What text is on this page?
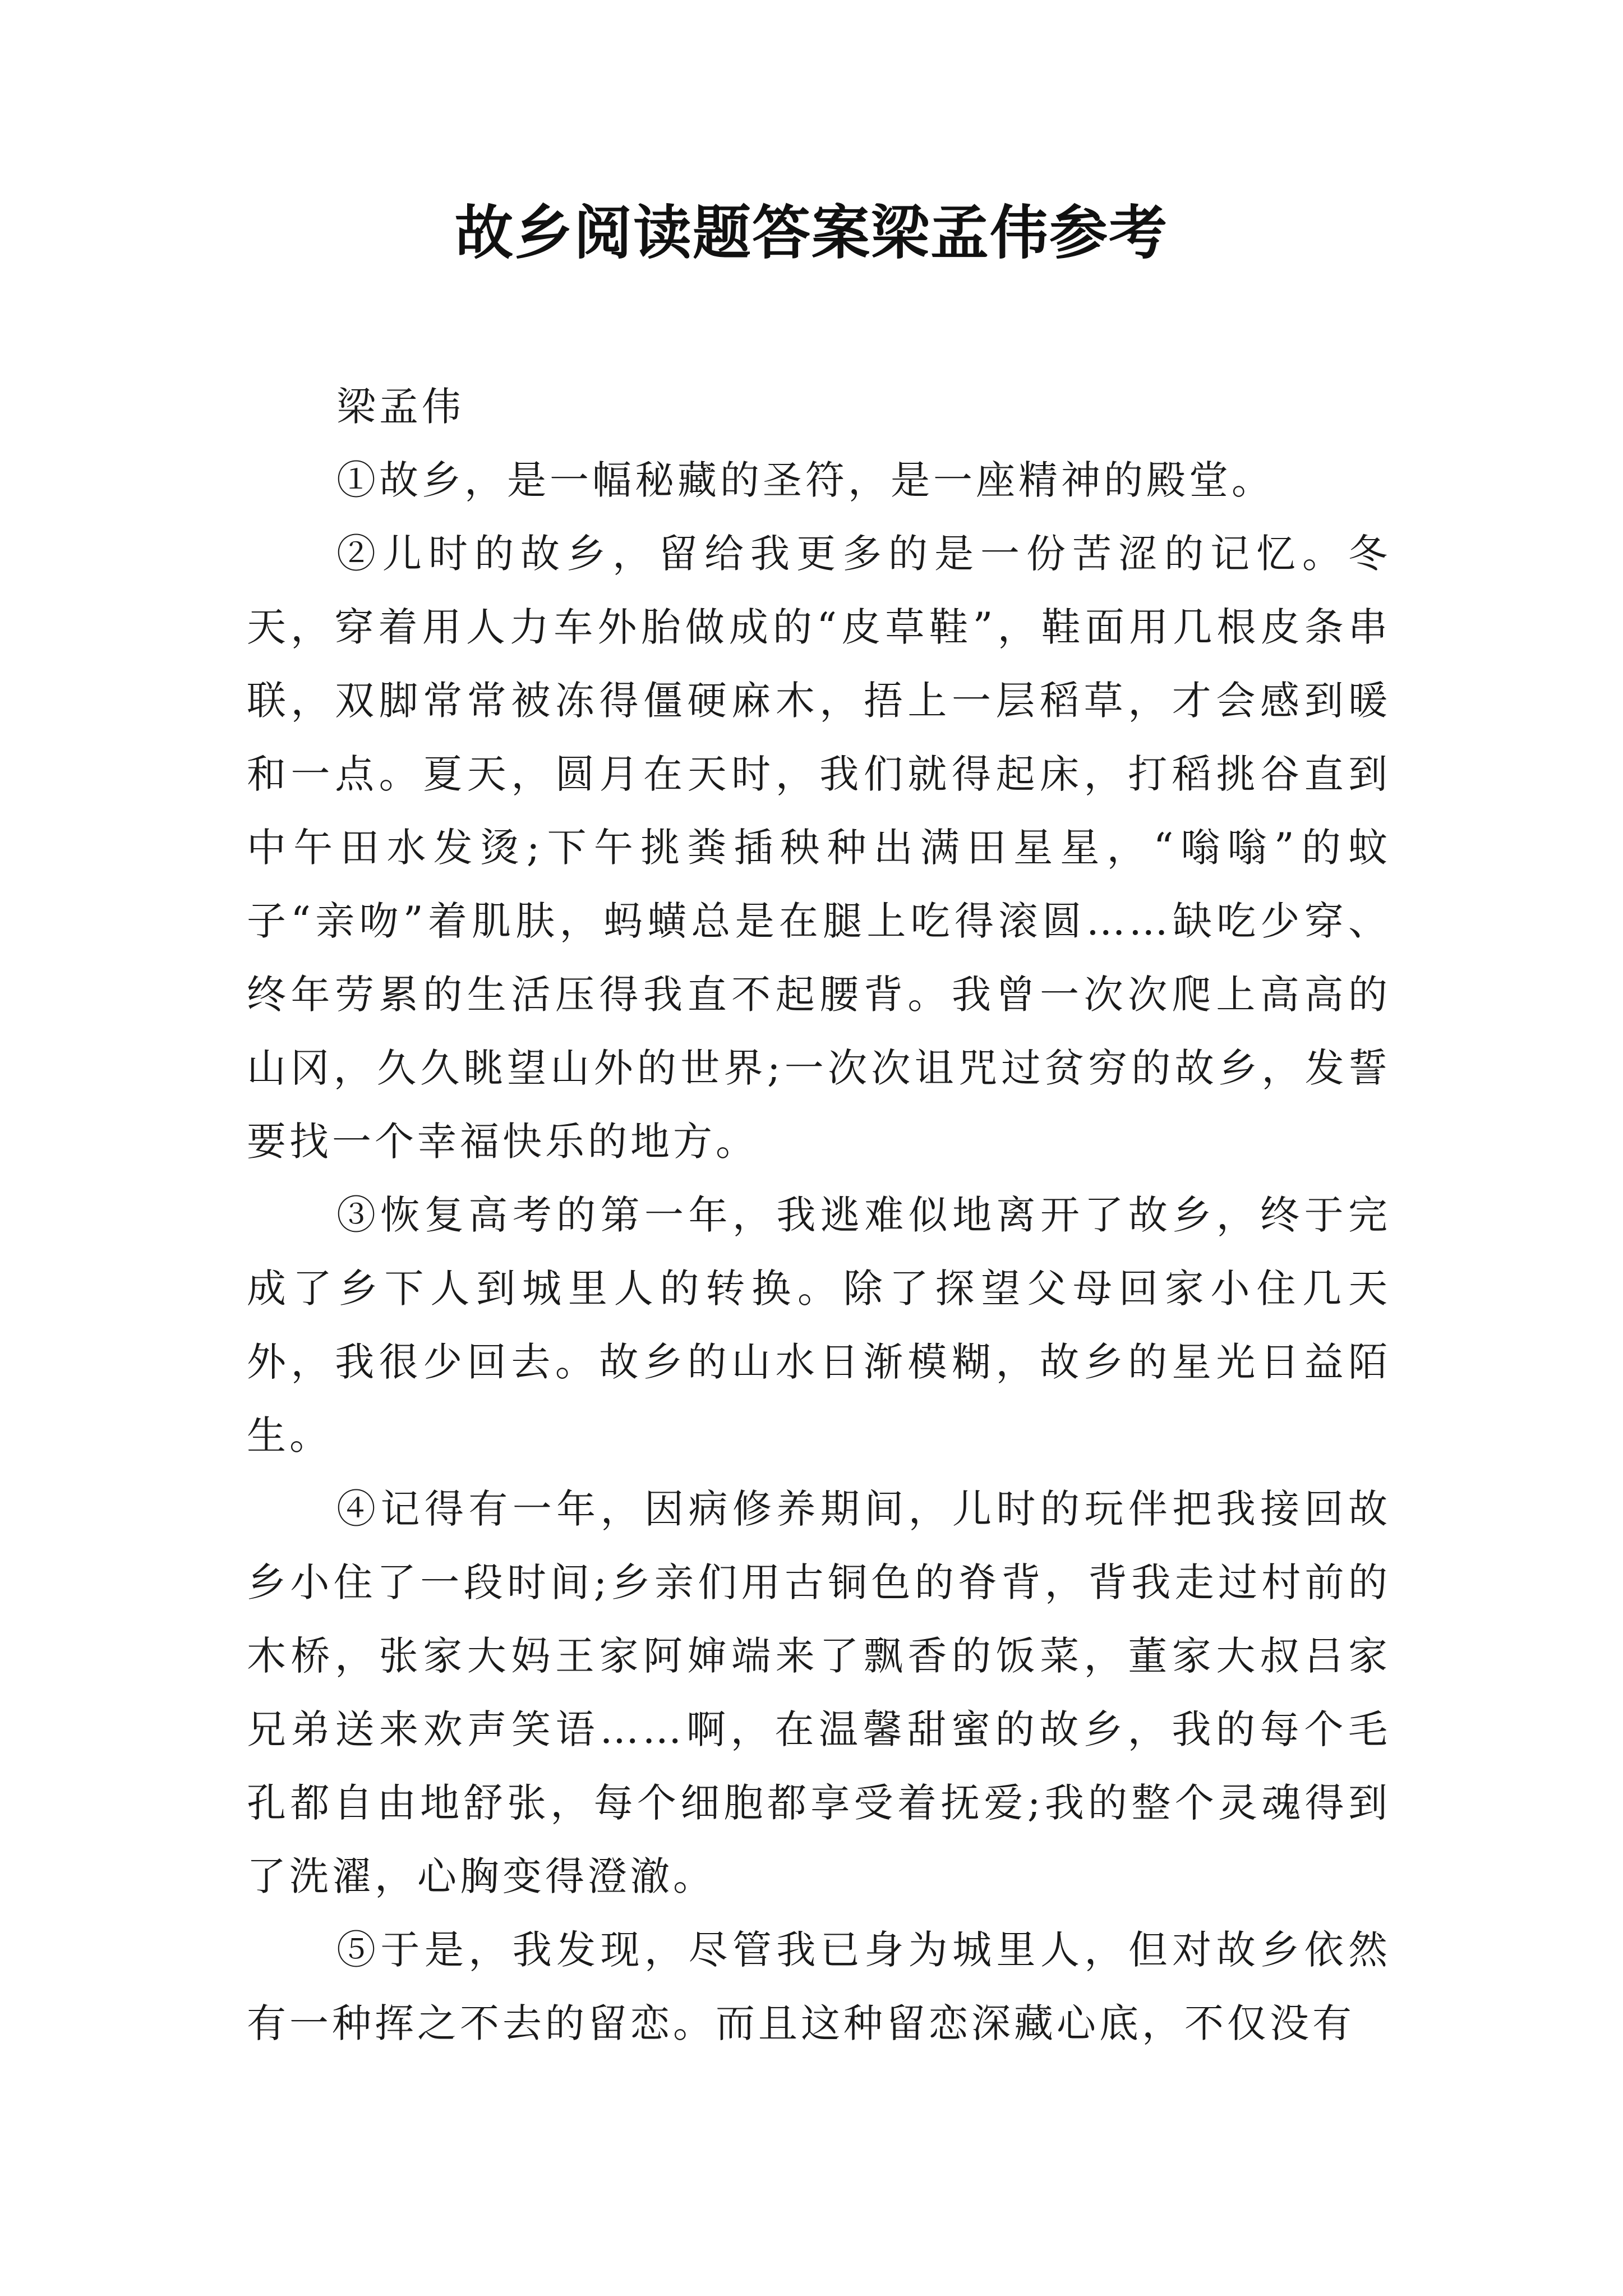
故乡阅读题答案梁孟伟参考

梁孟伟

①故乡，是一幅秘藏的圣符，是一座精神的殿堂。

②儿时的故乡，留给我更多的是一份苦涩的记忆。冬天，穿着用人力车外胎做成的“皮草鞋”，鞋面用几根皮条串联，双脚常常被冻得僵硬麻木，捂上一层稻草，才会感到暖和一点。夏天，圆月在天时，我们就得起床，打稻挑谷直到中午田水发烫;下午挑粪插秧种出满田星星，“嗡嗡”的蚊子“亲吻”着肌肤，蚂蟥总是在腿上吃得滚圆……缺吃少穿、终年劳累的生活压得我直不起腰背。我曾一次次爬上高高的山冈，久久眺望山外的世界;一次次诅咒过贫穷的故乡，发誓要找一个幸福快乐的地方。

③恢复高考的第一年，我逃难似地离开了故乡，终于完成了乡下人到城里人的转换。除了探望父母回家小住几天外，我很少回去。故乡的山水日渐模糊，故乡的星光日益陌生。

④记得有一年，因病修养期间，儿时的玩伴把我接回故乡小住了一段时间;乡亲们用古铜色的脊背，背我走过村前的木桥，张家大妈王家阿婶端来了飘香的饭菜，董家大叔吕家兄弟送来欢声笑语……啊，在温馨甜蜜的故乡，我的每个毛孔都自由地舒张，每个细胞都享受着抚爱;我的整个灵魂得到了洗濯，心胸变得澄澈。

⑤于是，我发现，尽管我已身为城里人，但对故乡依然有一种挥之不去的留恋。而且这种留恋深藏心底，不仅没有
